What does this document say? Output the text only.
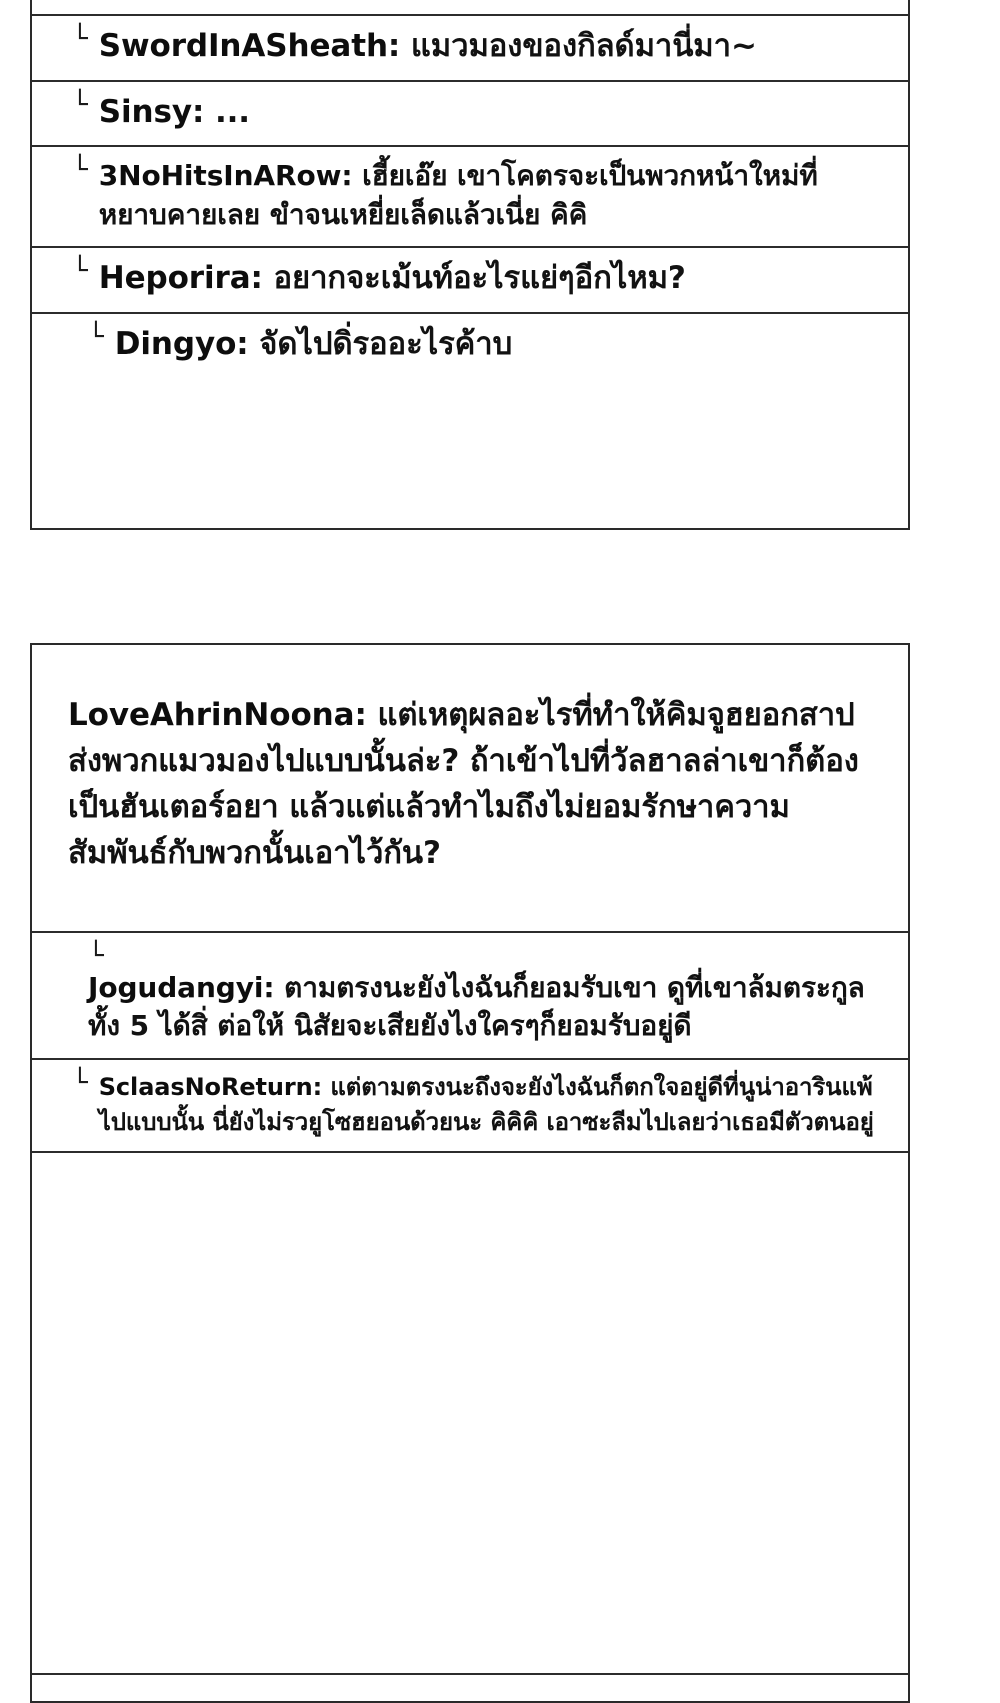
└ SwordInASheath: แมวมองของกิลด์มานี่มา~

└ Sinsy: ...

└ 3NoHitsInARow: เฮี้ยเอ๊ย เขาโคตรจะเป็นพวกหน้าใหม่ที่หยาบคายเลย ขำจนเหยี่ยเล็ดแล้วเนี่ย คิคิ

└ Heporira: อยากจะเม้นท์อะไรแย่ๆอีกไหม?

└ Dingyo: จัดไปดิ่รออะไรค้าบ

LoveAhrinNoona: แต่เหตุผลอะไรที่ทำให้คิมจูฮยอกสาปส่งพวกแมวมองไปแบบนั้นล่ะ? ถ้าเข้าไปที่วัลฮาลล่าเขาก็ต้องเป็นฮันเตอร์อยา แล้วแต่แล้วทำไมถึงไม่ยอมรักษาความสัมพันธ์กับพวกนั้นเอาไว้กัน?

└

Jogudangyi: ตามตรงนะยังไงฉันก็ยอมรับเขา ดูที่เขาล้มตระกูลทั้ง 5 ได้สิ่ ต่อให้ นิสัยจะเสียยังไงใครๆก็ยอมรับอยู่ดี

└ SclaasNoReturn: แต่ตามตรงนะถึงจะยังไงฉันก็ตกใจอยู่ดีที่นูน่าอารินแพ้ไปแบบนั้น นี่ยังไม่รวยูโซฮยอนด้วยนะ คิคิคิ เอาซะลีมไปเลยว่าเธอมีตัวตนอยู่
